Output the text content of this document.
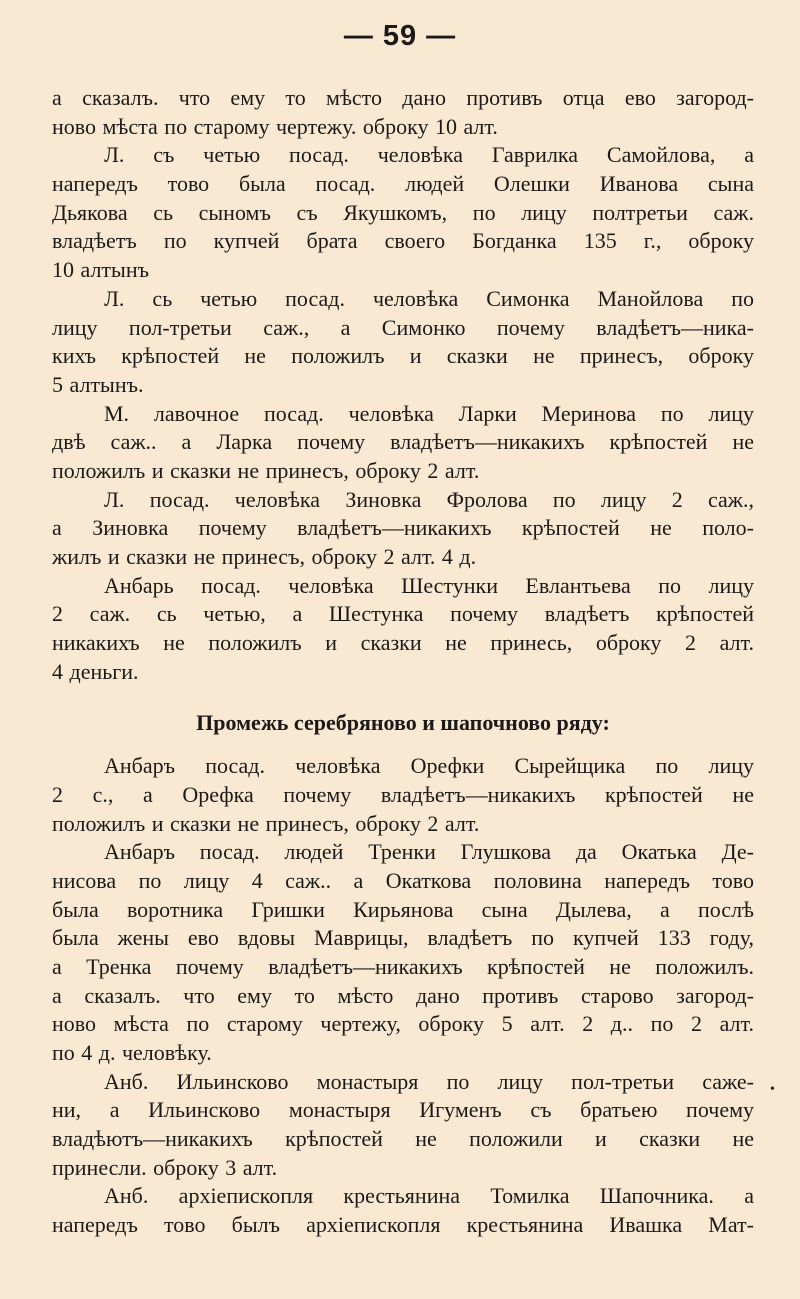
— 59 —
а сказалъ. что ему то мѣсто дано противъ отца ево загород-
ново мѣста по старому чертежу. оброку 10 алт.
Л. съ четью посад. человѣка Гаврилка Самойлова, а
напередъ тово была посад. людей Олешки Иванова сына
Дьякова сь сыномъ съ Якушкомъ, по лицу полтретьи саж.
владѣетъ по купчей брата своего Богданка 135 г., оброку
10 алтынъ
Л. сь четью посад. человѣка Симонка Манойлова по
лицу пол-третьи саж., а Симонко почему владѣетъ—ника-
кихъ крѣпостей не положилъ и сказки не принесъ, оброку
5 алтынъ.
М. лавочное посад. человѣка Ларки Меринова по лицу
двѣ саж.. а Ларка почему владѣетъ—никакихъ крѣпостей не
положилъ и сказки не принесъ, оброку 2 алт.
Л. посад. человѣка Зиновка Фролова по лицу 2 саж.,
а Зиновка почему владѣетъ—никакихъ крѣпостей не поло-
жилъ и сказки не принесъ, оброку 2 алт. 4 д.
Анбарь посад. человѣка Шестунки Евлантьева по лицу
2 саж. сь четью, а Шестунка почему владѣетъ крѣпостей
никакихъ не положилъ и сказки не принесь, оброку 2 алт.
4 деньги.
Промежь серебряново и шапочново ряду:
Анбаръ посад. человѣка Орефки Сырейщика по лицу
2 с., а Орефка почему владѣетъ—никакихъ крѣпостей не
положилъ и сказки не принесъ, оброку 2 алт.
Анбаръ посад. людей Тренки Глушкова да Окатька Де-
нисова по лицу 4 саж.. а Окаткова половина напередъ тово
была воротника Гришки Кирьянова сына Дылева, а послѣ
была жены ево вдовы Маврицы, владѣетъ по купчей 133 году,
а Тренка почему владѣетъ—никакихъ крѣпостей не положилъ.
а сказалъ. что ему то мѣсто дано противъ старово загород-
ново мѣста по старому чертежу, оброку 5 алт. 2 д.. по 2 алт.
по 4 д. человѣку.
Анб. Ильинсково монастыря по лицу пол-третьи саже-
ни, а Ильинсково монастыря Игуменъ съ братьею почему
владѣютъ—никакихъ крѣпостей не положили и сказки не
принесли. оброку 3 алт.
Анб. архіепископля крестьянина Томилка Шапочника. а
напередъ тово былъ архіепископля крестьянина Ивашка Мат-
•
